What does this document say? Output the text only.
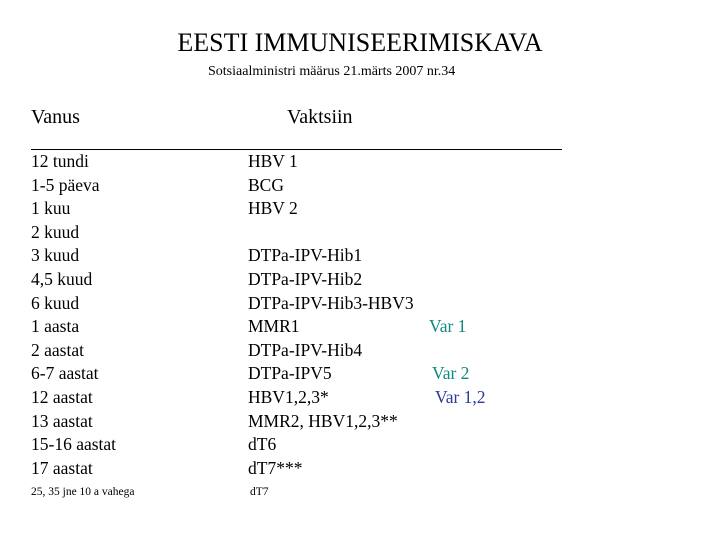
EESTI IMMUNISEERIMISKAVA
Sotsiaalministri määrus 21.märts 2007 nr.34
Vanus	Vaktsiin
12 tundi	HBV 1
1-5 päeva	BCG
1 kuu	HBV 2
2 kuud
3 kuud	DTPa-IPV-Hib1
4,5 kuud	DTPa-IPV-Hib2
6 kuud	DTPa-IPV-Hib3-HBV3
1 aasta	MMR1	Var 1
2 aastat	DTPa-IPV-Hib4
6-7 aastat	DTPa-IPV5	Var 2
12 aastat	HBV1,2,3*	Var 1,2
13 aastat	MMR2, HBV1,2,3**
15-16 aastat	dT6
17 aastat	dT7***
25, 35 jne 10 a vahega	dT7
